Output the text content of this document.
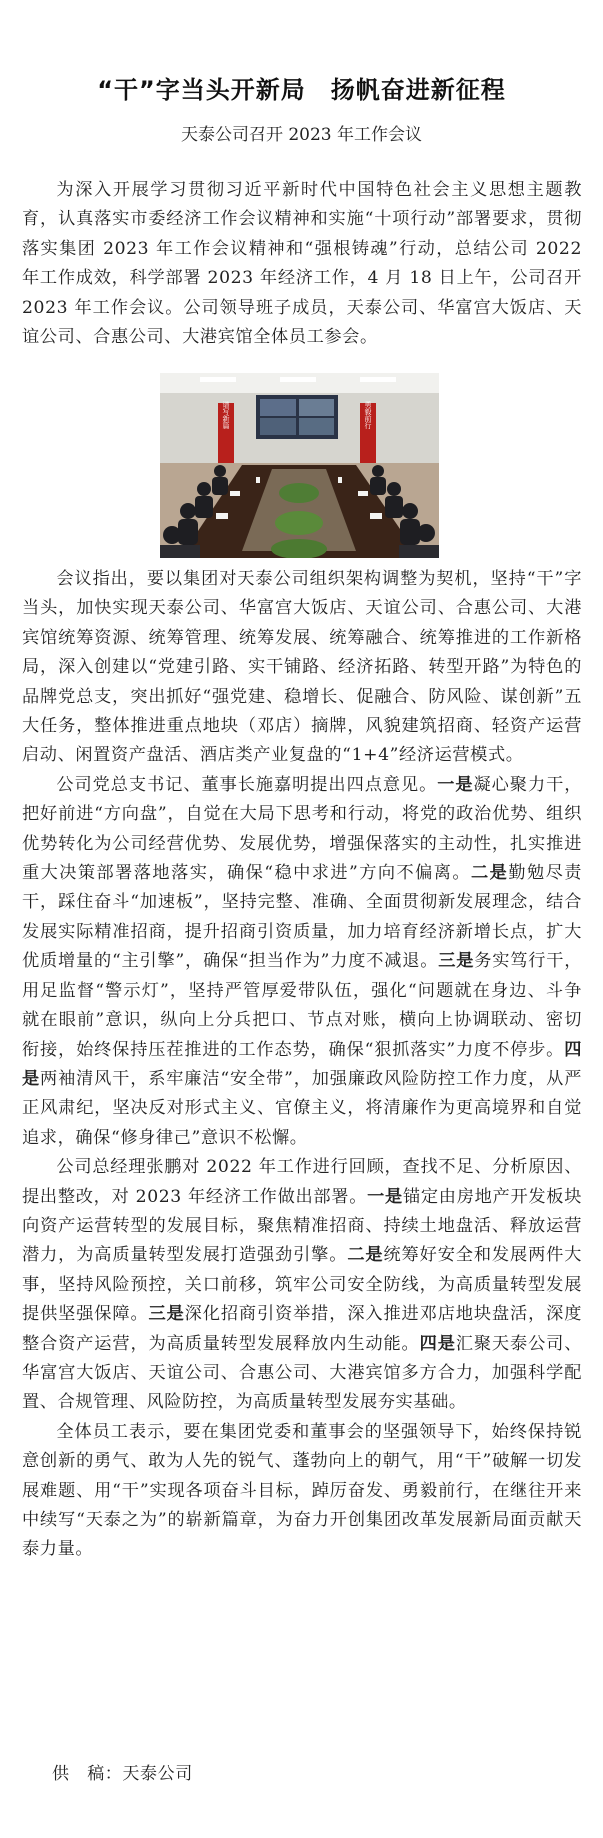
“干”字当头开新局　扬帆奋进新征程
天泰公司召开 2023 年工作会议

为深入开展学习贯彻习近平新时代中国特色社会主义思想主题教育，认真落实市委经济工作会议精神和实施“十项行动”部署要求，贯彻落实集团 2023 年工作会议精神和“强根铸魂”行动，总结公司 2022 年工作成效，科学部署 2023 年经济工作，4 月 18 日上午，公司召开 2023 年工作会议。公司领导班子成员，天泰公司、华富宫大饭店、天谊公司、合惠公司、大港宾馆全体员工参会。

谱写新篇	勇毅前行

会议指出，要以集团对天泰公司组织架构调整为契机，坚持“干”字当头，加快实现天泰公司、华富宫大饭店、天谊公司、合惠公司、大港宾馆统筹资源、统筹管理、统筹发展、统筹融合、统筹推进的工作新格局，深入创建以“党建引路、实干铺路、经济拓路、转型开路”为特色的品牌党总支，突出抓好“强党建、稳增长、促融合、防风险、谋创新”五大任务，整体推进重点地块（邓店）摘牌，风貌建筑招商、轻资产运营启动、闲置资产盘活、酒店类产业复盘的“1+4”经济运营模式。

公司党总支书记、董事长施嘉明提出四点意见。一是凝心聚力干，把好前进“方向盘”，自觉在大局下思考和行动，将党的政治优势、组织优势转化为公司经营优势、发展优势，增强保落实的主动性，扎实推进重大决策部署落地落实，确保“稳中求进”方向不偏离。二是勤勉尽责干，踩住奋斗“加速板”，坚持完整、准确、全面贯彻新发展理念，结合发展实际精准招商，提升招商引资质量，加力培育经济新增长点，扩大优质增量的“主引擎”，确保“担当作为”力度不减退。三是务实笃行干，用足监督“警示灯”，坚持严管厚爱带队伍，强化“问题就在身边、斗争就在眼前”意识，纵向上分兵把口、节点对账，横向上协调联动、密切衔接，始终保持压茬推进的工作态势，确保“狠抓落实”力度不停步。四是两袖清风干，系牢廉洁“安全带”，加强廉政风险防控工作力度，从严正风肃纪，坚决反对形式主义、官僚主义，将清廉作为更高境界和自觉追求，确保“修身律己”意识不松懈。

公司总经理张鹏对 2022 年工作进行回顾，查找不足、分析原因、提出整改，对 2023 年经济工作做出部署。一是锚定由房地产开发板块向资产运营转型的发展目标，聚焦精准招商、持续土地盘活、释放运营潜力，为高质量转型发展打造强劲引擎。二是统筹好安全和发展两件大事，坚持风险预控，关口前移，筑牢公司安全防线，为高质量转型发展提供坚强保障。三是深化招商引资举措，深入推进邓店地块盘活，深度整合资产运营，为高质量转型发展释放内生动能。四是汇聚天泰公司、华富宫大饭店、天谊公司、合惠公司、大港宾馆多方合力，加强科学配置、合规管理、风险防控，为高质量转型发展夯实基础。

全体员工表示，要在集团党委和董事会的坚强领导下，始终保持锐意创新的勇气、敢为人先的锐气、蓬勃向上的朝气，用“干”破解一切发展难题、用“干”实现各项奋斗目标，踔厉奋发、勇毅前行，在继往开来中续写“天泰之为”的崭新篇章，为奋力开创集团改革发展新局面贡献天泰力量。

供　稿：天泰公司
